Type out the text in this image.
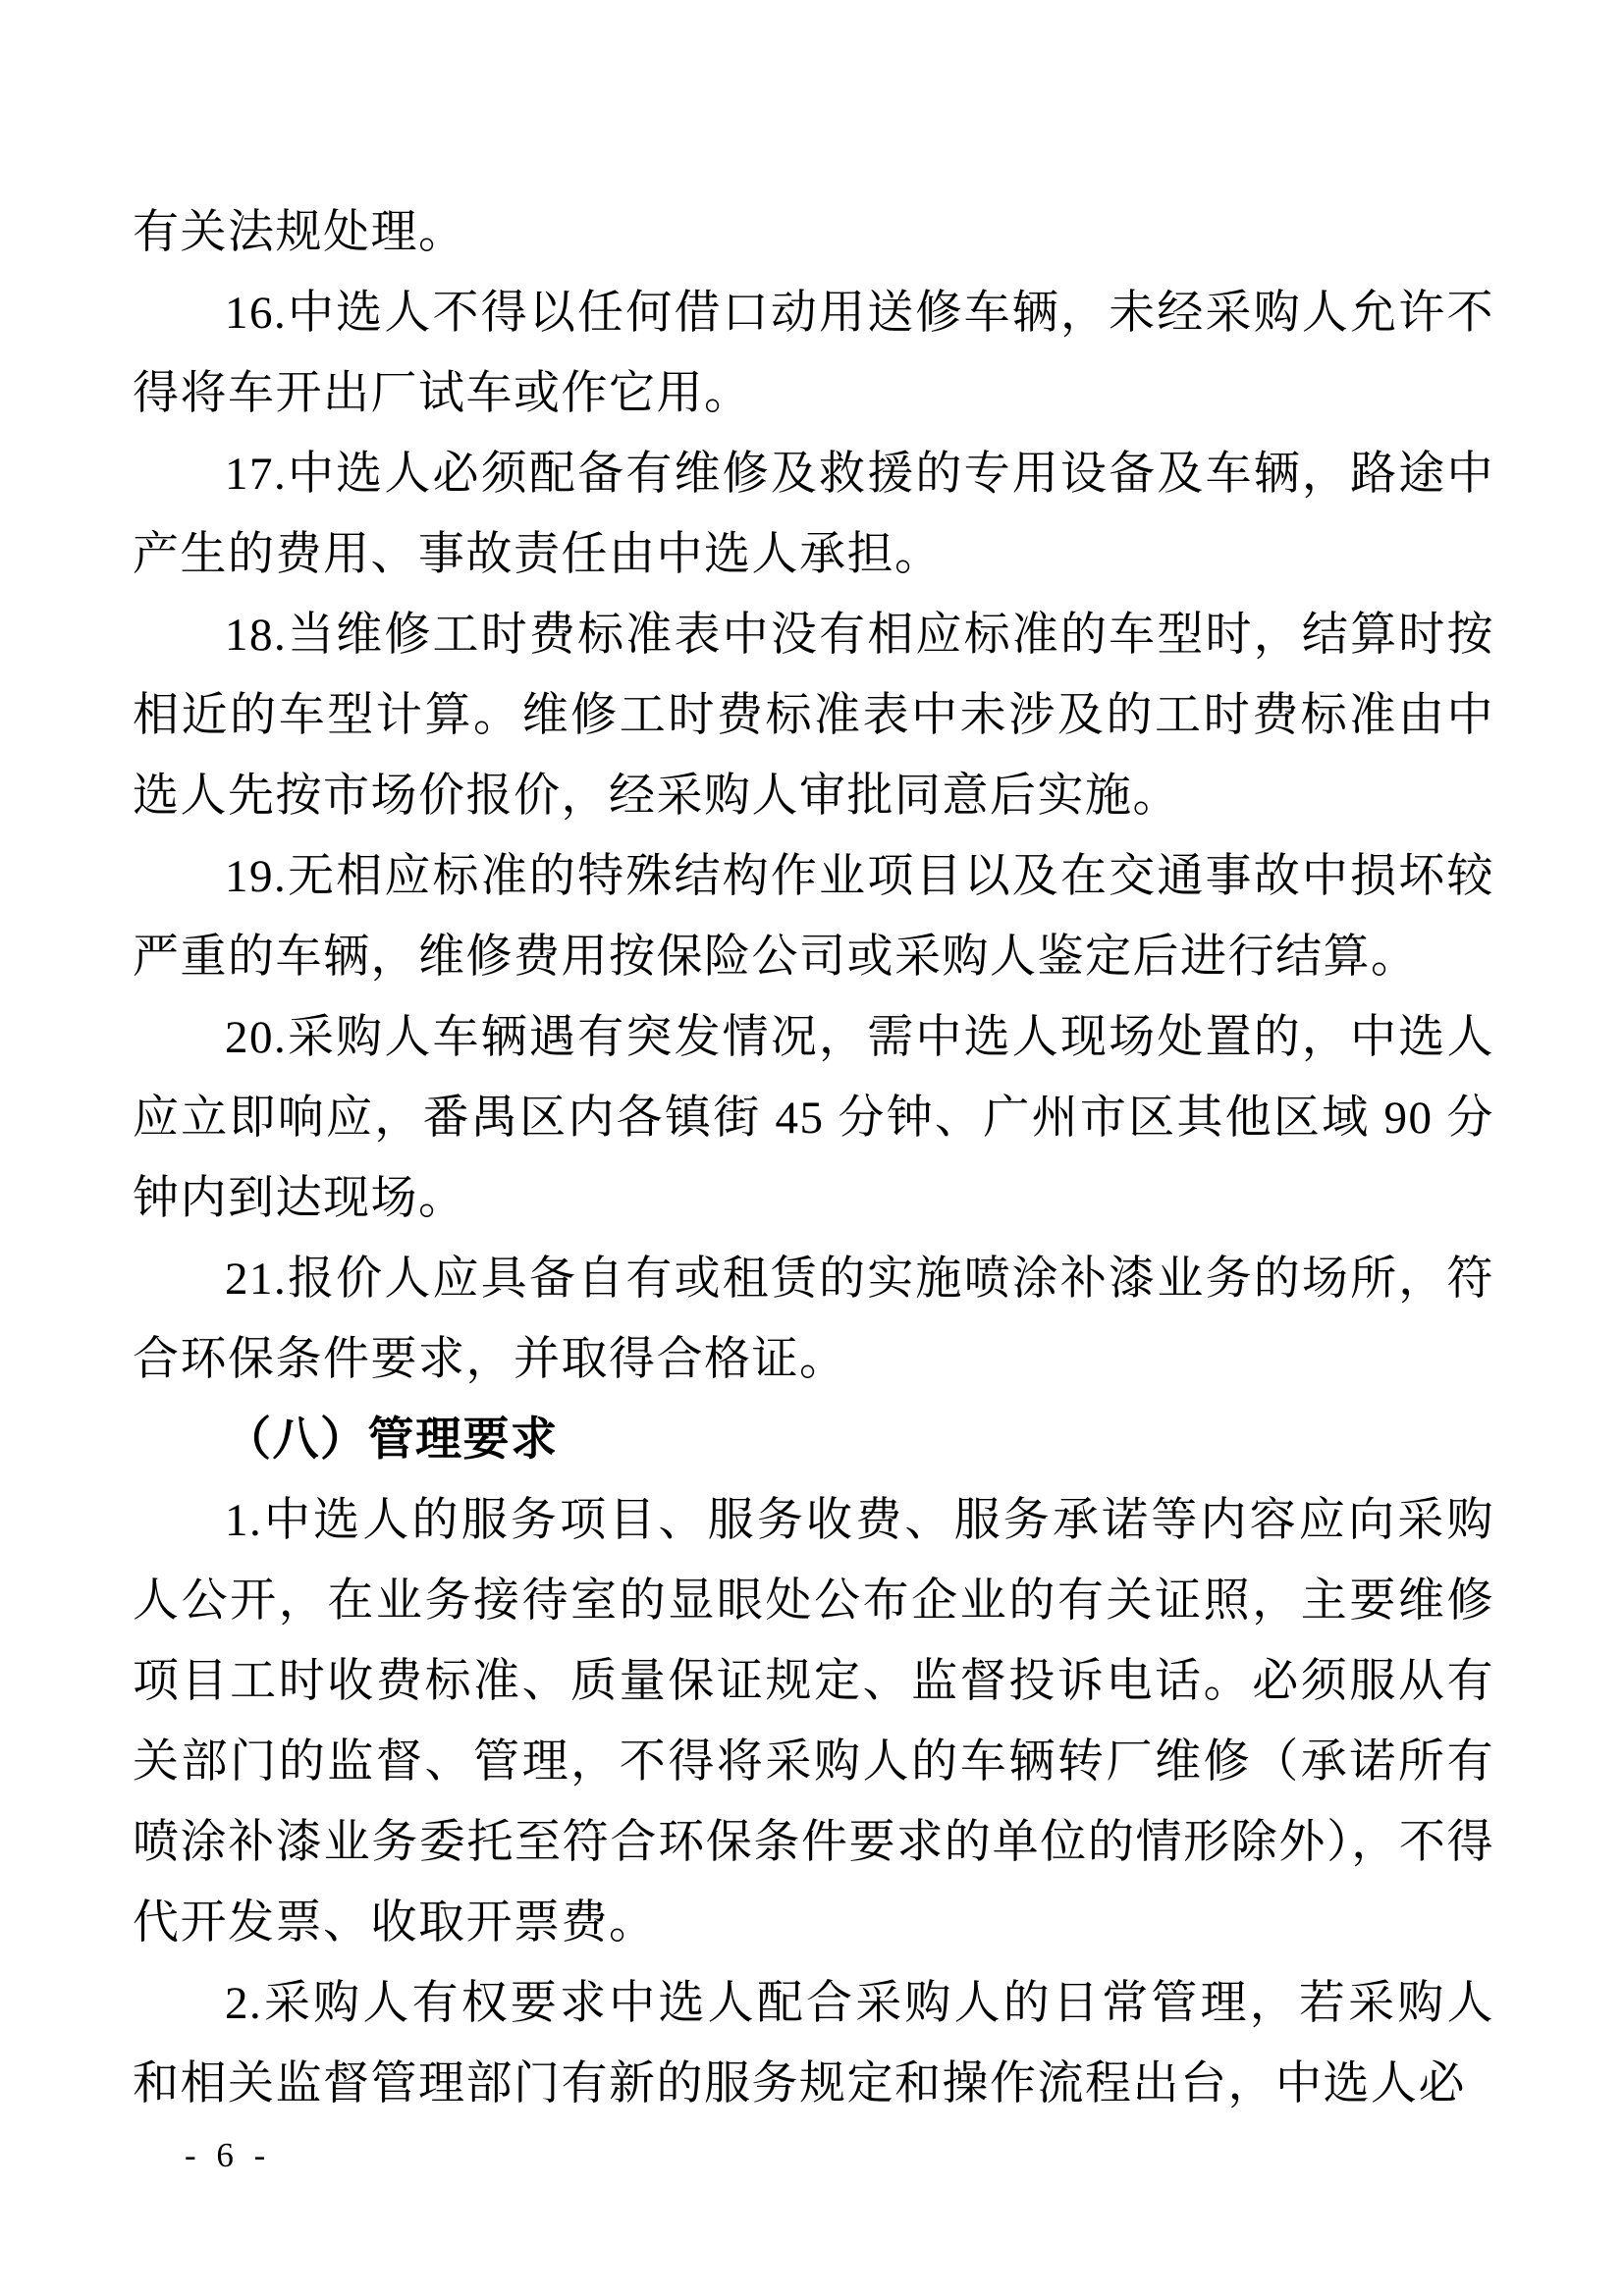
有关法规处理。

16.中选人不得以任何借口动用送修车辆，未经采购人允许不得将车开出厂试车或作它用。

17.中选人必须配备有维修及救援的专用设备及车辆，路途中产生的费用、事故责任由中选人承担。

18.当维修工时费标准表中没有相应标准的车型时，结算时按相近的车型计算。维修工时费标准表中未涉及的工时费标准由中选人先按市场价报价，经采购人审批同意后实施。

19.无相应标准的特殊结构作业项目以及在交通事故中损坏较严重的车辆，维修费用按保险公司或采购人鉴定后进行结算。

20.采购人车辆遇有突发情况，需中选人现场处置的，中选人应立即响应，番禺区内各镇街 45 分钟、广州市区其他区域 90 分钟内到达现场。

21.报价人应具备自有或租赁的实施喷涂补漆业务的场所，符合环保条件要求，并取得合格证。

（八）管理要求

1.中选人的服务项目、服务收费、服务承诺等内容应向采购人公开，在业务接待室的显眼处公布企业的有关证照，主要维修项目工时收费标准、质量保证规定、监督投诉电话。必须服从有关部门的监督、管理，不得将采购人的车辆转厂维修（承诺所有喷涂补漆业务委托至符合环保条件要求的单位的情形除外），不得代开发票、收取开票费。

2.采购人有权要求中选人配合采购人的日常管理，若采购人和相关监督管理部门有新的服务规定和操作流程出台，中选人必

- 6 -
